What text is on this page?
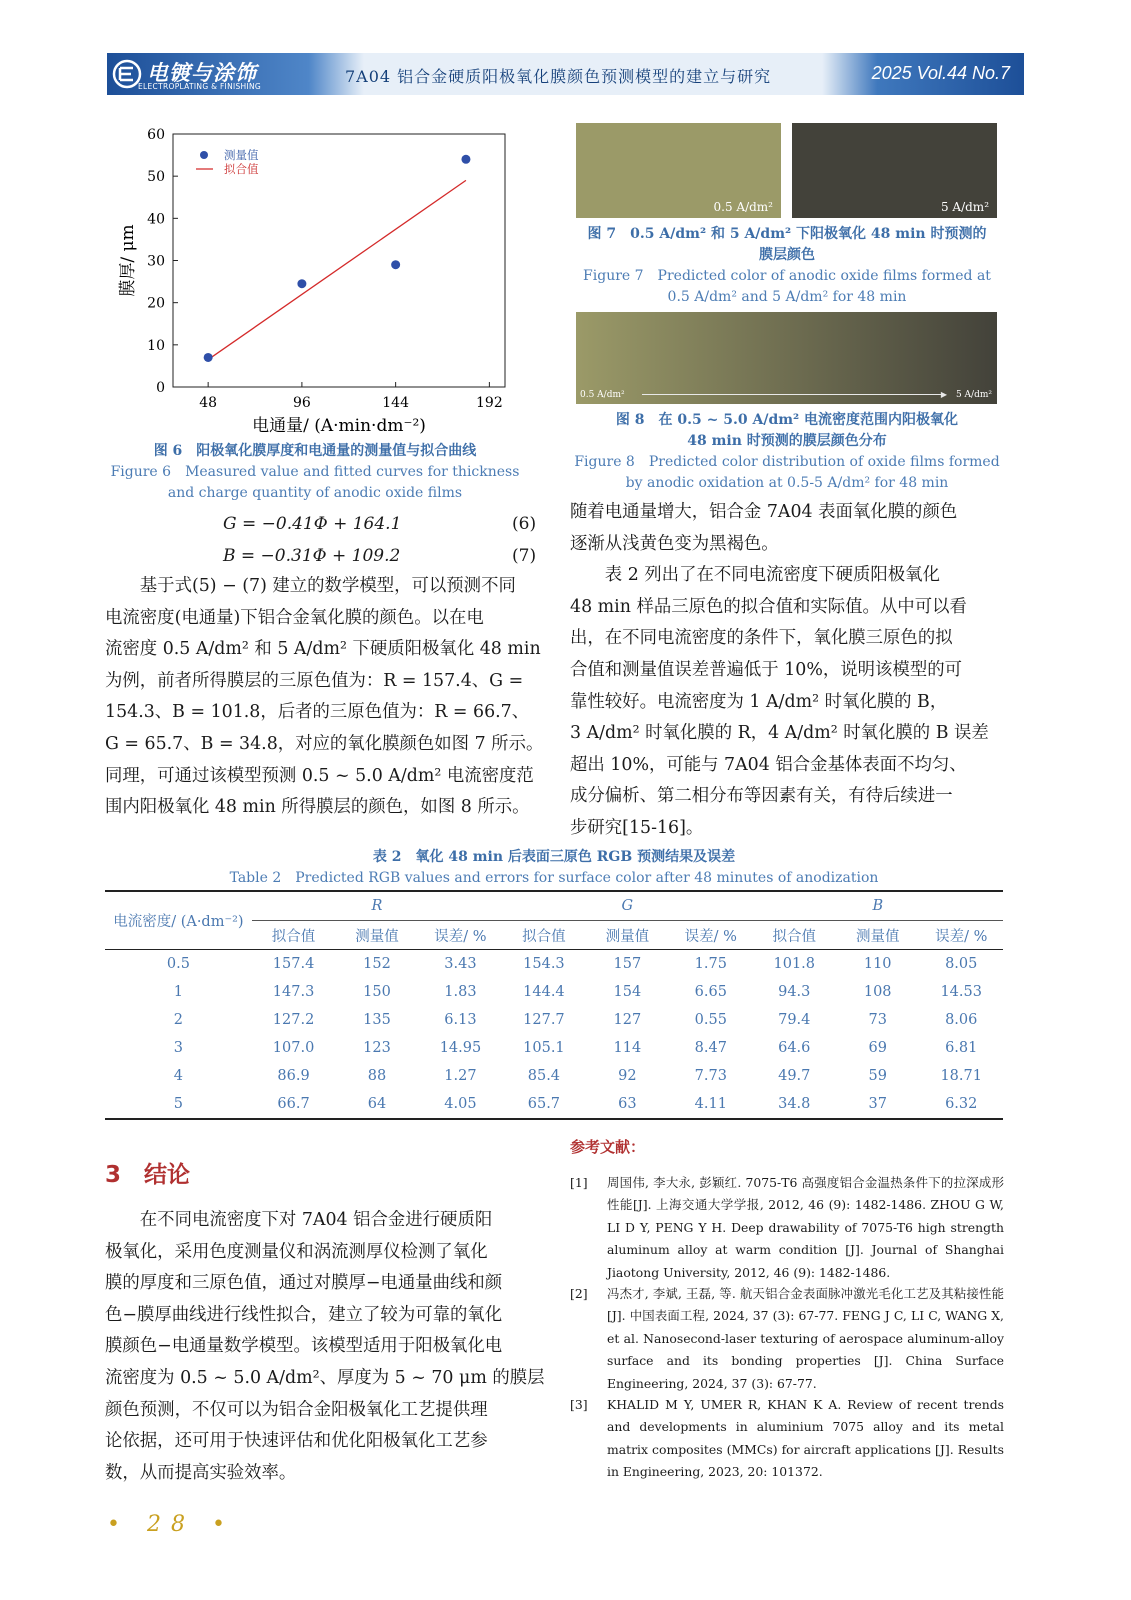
电镀与涂饰
ELECTROPLATING & FINISHING
7A04 铝合金硬质阳极氧化膜颜色预测模型的建立与研究	2025 Vol.44 No.7
0
10
20
30
40
50
60
48	96	144	192
电通量/ (A·min·dm⁻²)
膜厚/ μm
测量值
拟合值
图 6　阳极氧化膜厚度和电通量的测量值与拟合曲线
Figure 6　Measured value and fitted curves for thickness
and charge quantity of anodic oxide films
G = −0.41Φ + 164.1	(6)
B = −0.31Φ + 109.2	(7)
　　基于式(5) − (7) 建立的数学模型，可以预测不同
电流密度(电通量)下铝合金氧化膜的颜色。以在电
流密度 0.5 A/dm² 和 5 A/dm² 下硬质阳极氧化 48 min
为例，前者所得膜层的三原色值为：R = 157.4、G =
154.3、B = 101.8，后者的三原色值为：R = 66.7、
G = 65.7、B = 34.8，对应的氧化膜颜色如图 7 所示。
同理，可通过该模型预测 0.5 ~ 5.0 A/dm² 电流密度范
围内阳极氧化 48 min 所得膜层的颜色，如图 8 所示。
0.5 A/dm²	5 A/dm²
图 7　0.5 A/dm² 和 5 A/dm² 下阳极氧化 48 min 时预测的
膜层颜色
Figure 7　Predicted color of anodic oxide films formed at
0.5 A/dm² and 5 A/dm² for 48 min
0.5 A/dm²	▶ 5 A/dm²
图 8　在 0.5 ~ 5.0 A/dm² 电流密度范围内阳极氧化
48 min 时预测的膜层颜色分布
Figure 8　Predicted color distribution of oxide films formed
by anodic oxidation at 0.5-5 A/dm² for 48 min
随着电通量增大，铝合金 7A04 表面氧化膜的颜色
逐渐从浅黄色变为黑褐色。
　　表 2 列出了在不同电流密度下硬质阳极氧化
48 min 样品三原色的拟合值和实际值。从中可以看
出，在不同电流密度的条件下，氧化膜三原色的拟
合值和测量值误差普遍低于 10%，说明该模型的可
靠性较好。电流密度为 1 A/dm² 时氧化膜的 B，
3 A/dm² 时氧化膜的 R，4 A/dm² 时氧化膜的 B 误差
超出 10%，可能与 7A04 铝合金基体表面不均匀、
成分偏析、第二相分布等因素有关，有待后续进一
步研究[15-16]。
表 2　氧化 48 min 后表面三原色 RGB 预测结果及误差
Table 2　Predicted RGB values and errors for surface color after 48 minutes of anodization
电流密度/ (A·dm⁻²)	R			G			B		
	拟合值	测量值	误差/ %	拟合值	测量值	误差/ %	拟合值	测量值	误差/ %
0.5	157.4	152	3.43	154.3	157	1.75	101.8	110	8.05
1	147.3	150	1.83	144.4	154	6.65	94.3	108	14.53
2	127.2	135	6.13	127.7	127	0.55	79.4	73	8.06
3	107.0	123	14.95	105.1	114	8.47	64.6	69	6.81
4	86.9	88	1.27	85.4	92	7.73	49.7	59	18.71
5	66.7	64	4.05	65.7	63	4.11	34.8	37	6.32
3　结论
　　在不同电流密度下对 7A04 铝合金进行硬质阳
极氧化，采用色度测量仪和涡流测厚仪检测了氧化
膜的厚度和三原色值，通过对膜厚−电通量曲线和颜
色−膜厚曲线进行线性拟合，建立了较为可靠的氧化
膜颜色−电通量数学模型。该模型适用于阳极氧化电
流密度为 0.5 ~ 5.0 A/dm²、厚度为 5 ~ 70 μm 的膜层
颜色预测，不仅可以为铝合金阳极氧化工艺提供理
论依据，还可用于快速评估和优化阳极氧化工艺参
数，从而提高实验效率。
参考文献：
[1] 周国伟, 李大永, 彭颖红. 7075-T6 高强度铝合金温热条件下的拉深成形性能[J]. 上海交通大学学报, 2012, 46 (9): 1482-1486. ZHOU G W, LI D Y, PENG Y H. Deep drawability of 7075-T6 high strength aluminum alloy at warm condition [J]. Journal of Shanghai Jiaotong University, 2012, 46 (9): 1482-1486.
[2] 冯杰才, 李斌, 王磊, 等. 航天铝合金表面脉冲激光毛化工艺及其粘接性能[J]. 中国表面工程, 2024, 37 (3): 67-77. FENG J C, LI C, WANG X, et al. Nanosecond-laser texturing of aerospace aluminum-alloy surface and its bonding properties [J]. China Surface Engineering, 2024, 37 (3): 67-77.
[3] KHALID M Y, UMER R, KHAN K A. Review of recent trends and developments in aluminium 7075 alloy and its metal matrix composites (MMCs) for aircraft applications [J]. Results in Engineering, 2023, 20: 101372.
• 28 •
